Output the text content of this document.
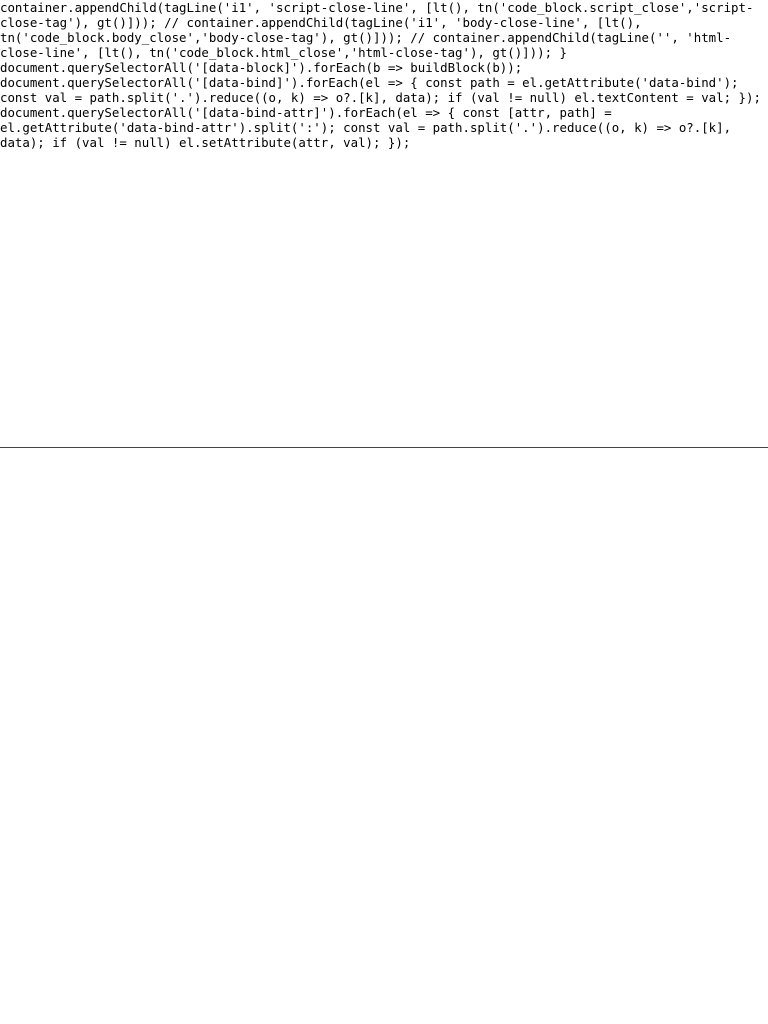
container.appendChild(tagLine('i1', 'script-close-line', [lt(), tn('code_block.script_close','script-close-tag'), gt()])); // container.appendChild(tagLine('i1', 'body-close-line', [lt(), tn('code_block.body_close','body-close-tag'), gt()])); // container.appendChild(tagLine('', 'html-close-line', [lt(), tn('code_block.html_close','html-close-tag'), gt()])); } document.querySelectorAll('[data-block]').forEach(b => buildBlock(b)); document.querySelectorAll('[data-bind]').forEach(el => { const path = el.getAttribute('data-bind'); const val = path.split('.').reduce((o, k) => o?.[k], data); if (val != null) el.textContent = val; }); document.querySelectorAll('[data-bind-attr]').forEach(el => { const [attr, path] = el.getAttribute('data-bind-attr').split(':'); const val = path.split('.').reduce((o, k) => o?.[k], data); if (val != null) el.setAttribute(attr, val); });
